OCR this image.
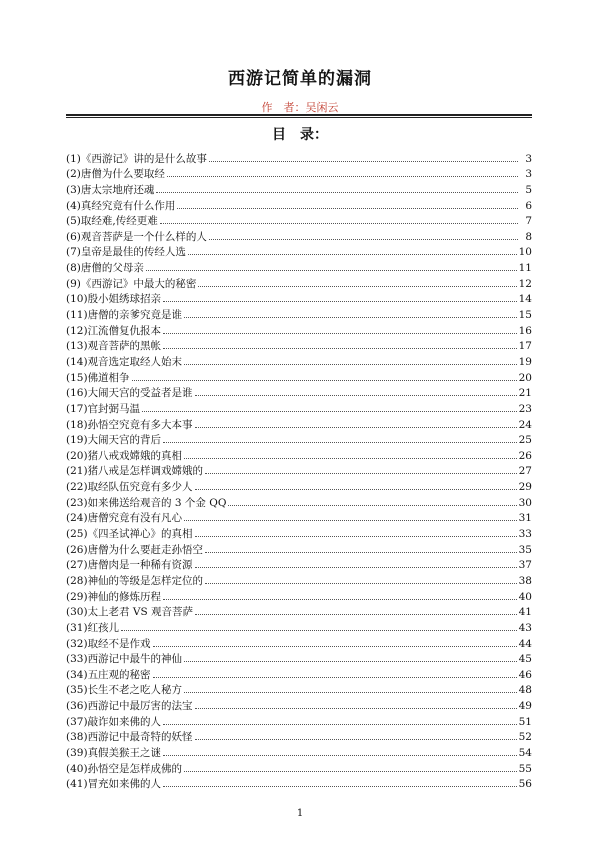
西游记简单的漏洞
作　者：吴闲云
目　录：
(1) 《西游记》讲的是什么故事	3
(2) 唐僧为什么要取经	3
(3) 唐太宗地府还魂	5
(4) 真经究竟有什么作用	6
(5) 取经难,传经更难	7
(6) 观音菩萨是一个什么样的人	8
(7) 皇帝是最佳的传经人选	10
(8) 唐僧的父母亲	11
(9) 《西游记》中最大的秘密	12
(10) 殷小姐绣球招亲	14
(11) 唐僧的亲爹究竟是谁	15
(12) 江流僧复仇报本	16
(13) 观音菩萨的黑帐	17
(14) 观音选定取经人始末	19
(15) 佛道相争	20
(16) 大闹天宫的受益者是谁	21
(17) 官封弼马温	23
(18) 孙悟空究竟有多大本事	24
(19) 大闹天宫的背后	25
(20) 猪八戒戏嫦娥的真相	26
(21) 猪八戒是怎样调戏嫦娥的	27
(22) 取经队伍究竟有多少人	29
(23) 如来佛送给观音的 3 个金 QQ	30
(24) 唐僧究竟有没有凡心	31
(25) 《四圣试禅心》的真相	33
(26) 唐僧为什么要赶走孙悟空	35
(27) 唐僧肉是一种稀有资源	37
(28) 神仙的等级是怎样定位的	38
(29) 神仙的修炼历程	40
(30) 太上老君 VS 观音菩萨	41
(31) 红孩儿	43
(32) 取经不是作戏	44
(33) 西游记中最牛的神仙	45
(34) 五庄观的秘密	46
(35) 长生不老之吃人秘方	48
(36) 西游记中最厉害的法宝	49
(37) 敲诈如来佛的人	51
(38) 西游记中最奇特的妖怪	52
(39) 真假美猴王之谜	54
(40) 孙悟空是怎样成佛的	55
(41) 冒充如来佛的人	56
1
